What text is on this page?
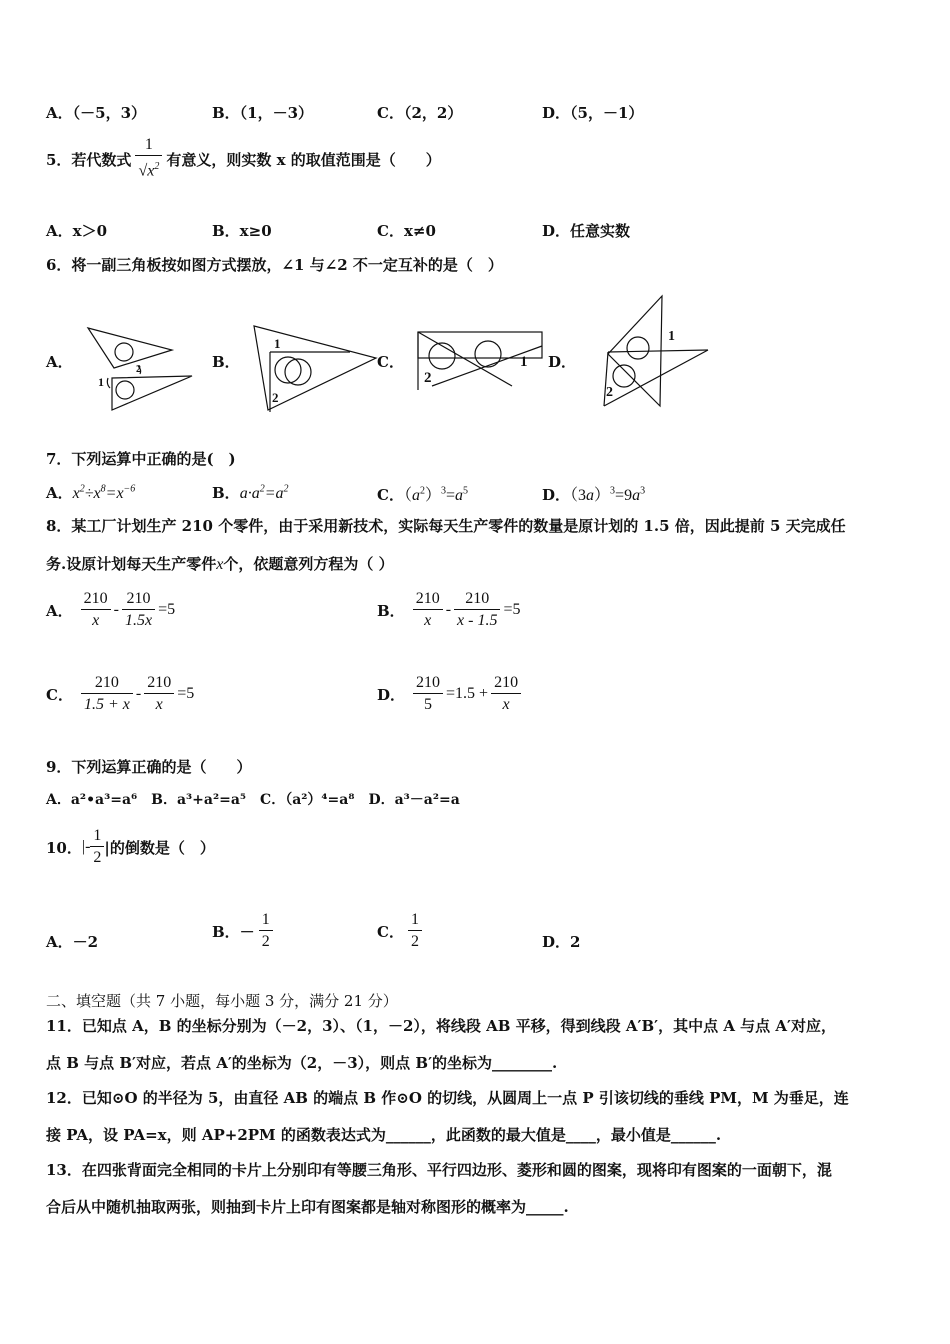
A．（－5，3）	B．（1，－3）	C．（2，2）	D．（5，－1）
5．若代数式 $\frac{1}{√x^2}$ 有意义，则实数 x 的取值范围是（　　）
A．x＞0	B．x≥0	C．x≠0	D．任意实数
6．将一副三角板按如图方式摆放，∠1 与∠2 不一定互补的是（　）
A．	B．	C．	D．
1
2
1
2
1
2
1
2
7．下列运算中正确的是(　)
A．$x^2\div x^8=x^{-6}$	B．$a\cdot a^2=a^2$	C．$(a^2)^3=a^5$	D．$(3a)^3=9a^3$
8．某工厂计划生产 210 个零件，由于采用新技术，实际每天生产零件的数量是原计划的 1.5 倍，因此提前 5 天完成任
务.设原计划每天生产零件x个，依题意列方程为（ ）
A． $\frac{210}{x} - \frac{210}{1.5x} =5$	B． $\frac{210}{x} - \frac{210}{x - 1.5} =5$
C． $\frac{210}{1.5 + x} - \frac{210}{x} =5$	D． $\frac{210}{5} =1.5 + \frac{210}{x}$
9．下列运算正确的是（　　）
A．a²•a³=a⁶　B．a³+a²=a⁵　C．（a²）⁴=a⁸　D．a³－a²=a
10． |- $\frac{1}{2}$ |的倒数是（　）
A．－2
B．－ $\frac{1}{2}$	C． $\frac{1}{2}$	D．2
二、填空题（共 7 小题，每小题 3 分，满分 21 分）
11．已知点 A，B 的坐标分别为（－2，3）、（1，－2），将线段 AB 平移，得到线段 A′B′，其中点 A 与点 A′对应，
点 B 与点 B′对应，若点 A′的坐标为（2，－3），则点 B′的坐标为________.
12．已知⊙O 的半径为 5，由直径 AB 的端点 B 作⊙O 的切线，从圆周上一点 P 引该切线的垂线 PM，M 为垂足，连
接 PA，设 PA=x，则 AP+2PM 的函数表达式为______，此函数的最大值是____，最小值是______.
13．在四张背面完全相同的卡片上分别印有等腰三角形、平行四边形、菱形和圆的图案，现将印有图案的一面朝下，混
合后从中随机抽取两张，则抽到卡片上印有图案都是轴对称图形的概率为_____.
